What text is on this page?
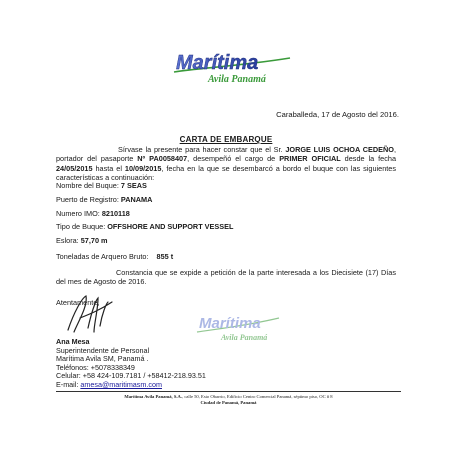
Marítima
Avila Panamá
Caraballeda, 17 de Agosto del 2016.
CARTA DE EMBARQUE
Sírvase la presente para hacer constar que el Sr. JORGE LUIS OCHOA CEDEÑO, portador del pasaporte Nº PA0058407, desempeñó el cargo de PRIMER OFICIAL desde la fecha 24/05/2015 hasta el 10/09/2015, fecha en la que se desembarcó a bordo el buque con las siguientes características a continuación:
Nombre del Buque: 7 SEAS
Puerto de Registro: PANAMA
Numero IMO: 8210118
Tipo de Buque: OFFSHORE AND SUPPORT VESSEL
Eslora: 57,70 m
Toneladas de Arquero Bruto: 855 t
Constancia que se expide a petición de la parte interesada a los Diecisiete (17) Días del mes de Agosto de 2016.
Atentamente,
Marítima
Avila Panamá
Ana Mesa
Superintendente de Personal
Marítima Avila SM, Panamá .
Teléfonos: +5078338349
Celular: +58 424-109.7181 / +58412-218.93.51
E-mail: amesa@maritimasm.com
Marítima Avila Panamá, S.A., calle 50, Esto Obarrio, Edificio Centro Comercial Panamá, séptimo piso, OC # 8
Ciudad de Panamá, Panamá
